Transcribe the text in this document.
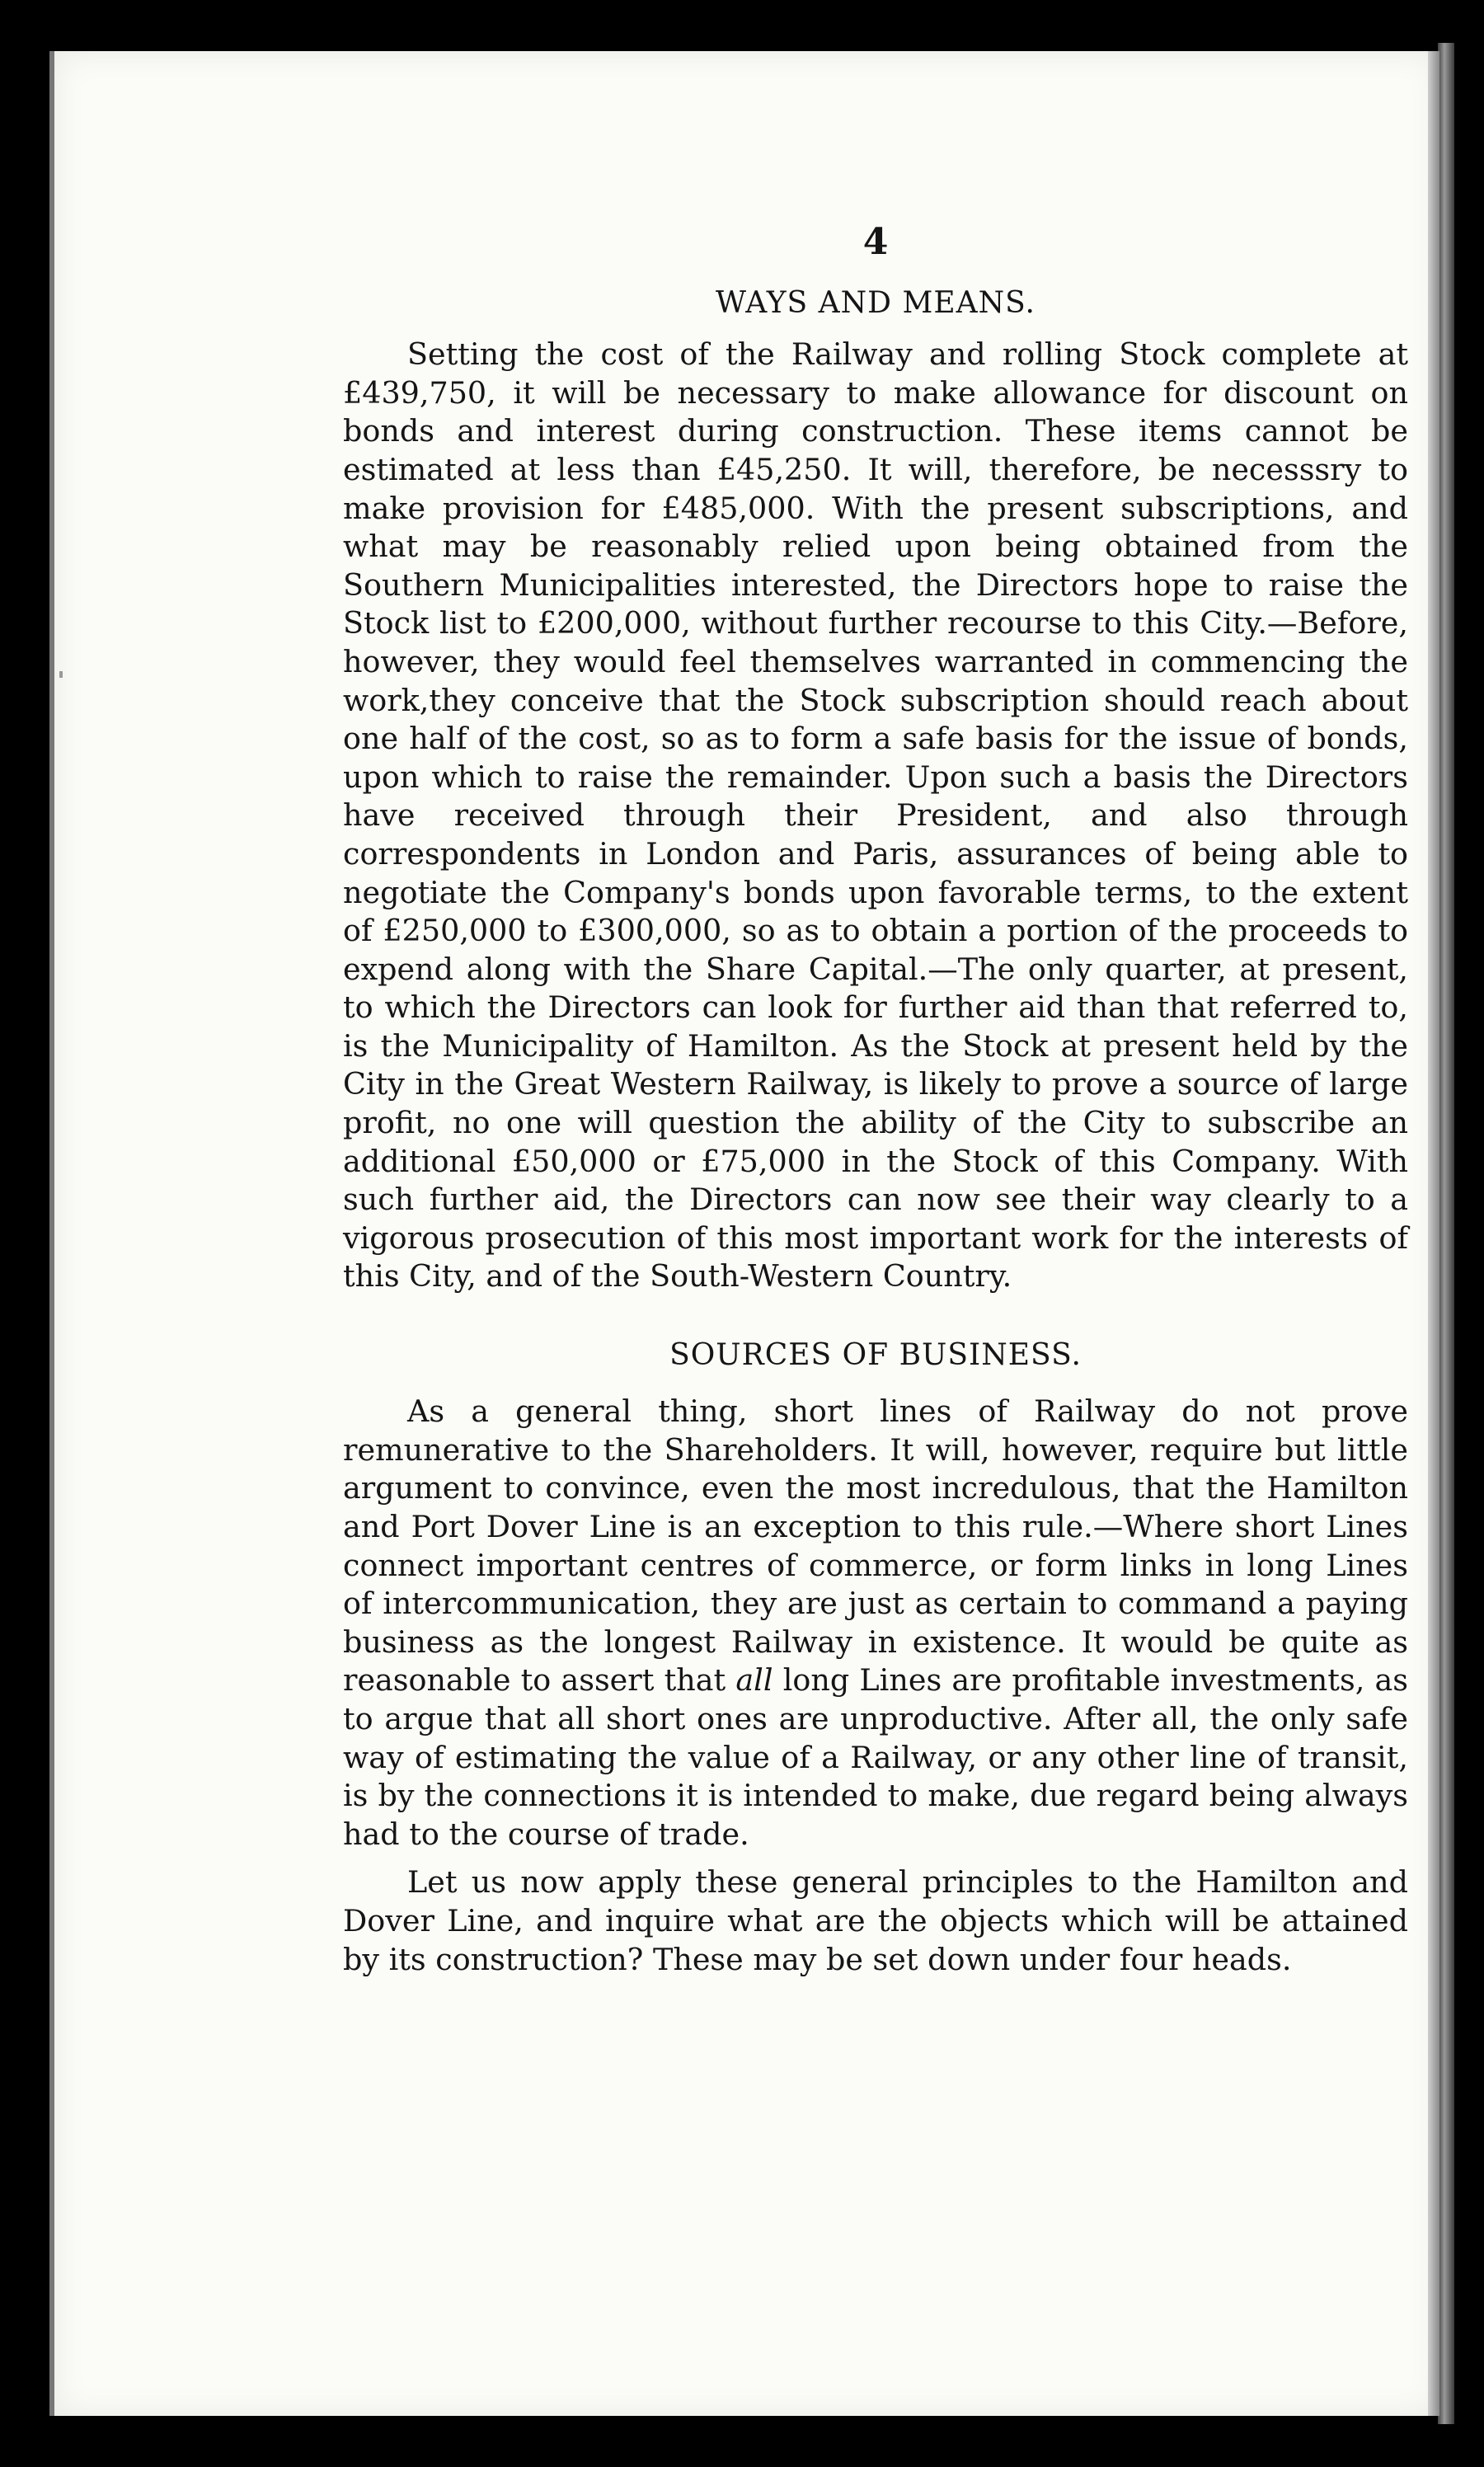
4
WAYS AND MEANS.

Setting the cost of the Railway and rolling Stock complete at £439,750, it will be necessary to make allowance for discount on bonds and interest during construction. These items cannot be estimated at less than £45,250. It will, therefore, be necesssry to make provision for £485,000. With the present subscriptions, and what may be reasonably relied upon being obtained from the Southern Municipalities interested, the Directors hope to raise the Stock list to £200,000, without further recourse to this City.—Before, however, they would feel themselves warranted in commencing the work,they conceive that the Stock subscription should reach about one half of the cost, so as to form a safe basis for the issue of bonds, upon which to raise the remainder. Upon such a basis the Directors have received through their President, and also through correspondents in London and Paris, assurances of being able to negotiate the Company's bonds upon favorable terms, to the extent of £250,000 to £300,000, so as to obtain a portion of the proceeds to expend along with the Share Capital.—The only quarter, at present, to which the Directors can look for further aid than that referred to, is the Municipality of Hamilton. As the Stock at present held by the City in the Great Western Railway, is likely to prove a source of large profit, no one will question the ability of the City to subscribe an additional £50,000 or £75,000 in the Stock of this Company. With such further aid, the Directors can now see their way clearly to a vigorous prosecution of this most important work for the interests of this City, and of the South-Western Country.

SOURCES OF BUSINESS.

As a general thing, short lines of Railway do not prove remunerative to the Shareholders. It will, however, require but little argument to convince, even the most incredulous, that the Hamilton and Port Dover Line is an exception to this rule.—Where short Lines connect important centres of commerce, or form links in long Lines of intercommunication, they are just as certain to command a paying business as the longest Railway in existence. It would be quite as reasonable to assert that all long Lines are profitable investments, as to argue that all short ones are unproductive. After all, the only safe way of estimating the value of a Railway, or any other line of transit, is by the connections it is intended to make, due regard being always had to the course of trade.

Let us now apply these general principles to the Hamilton and Dover Line, and inquire what are the objects which will be attained by its construction? These may be set down under four heads.
